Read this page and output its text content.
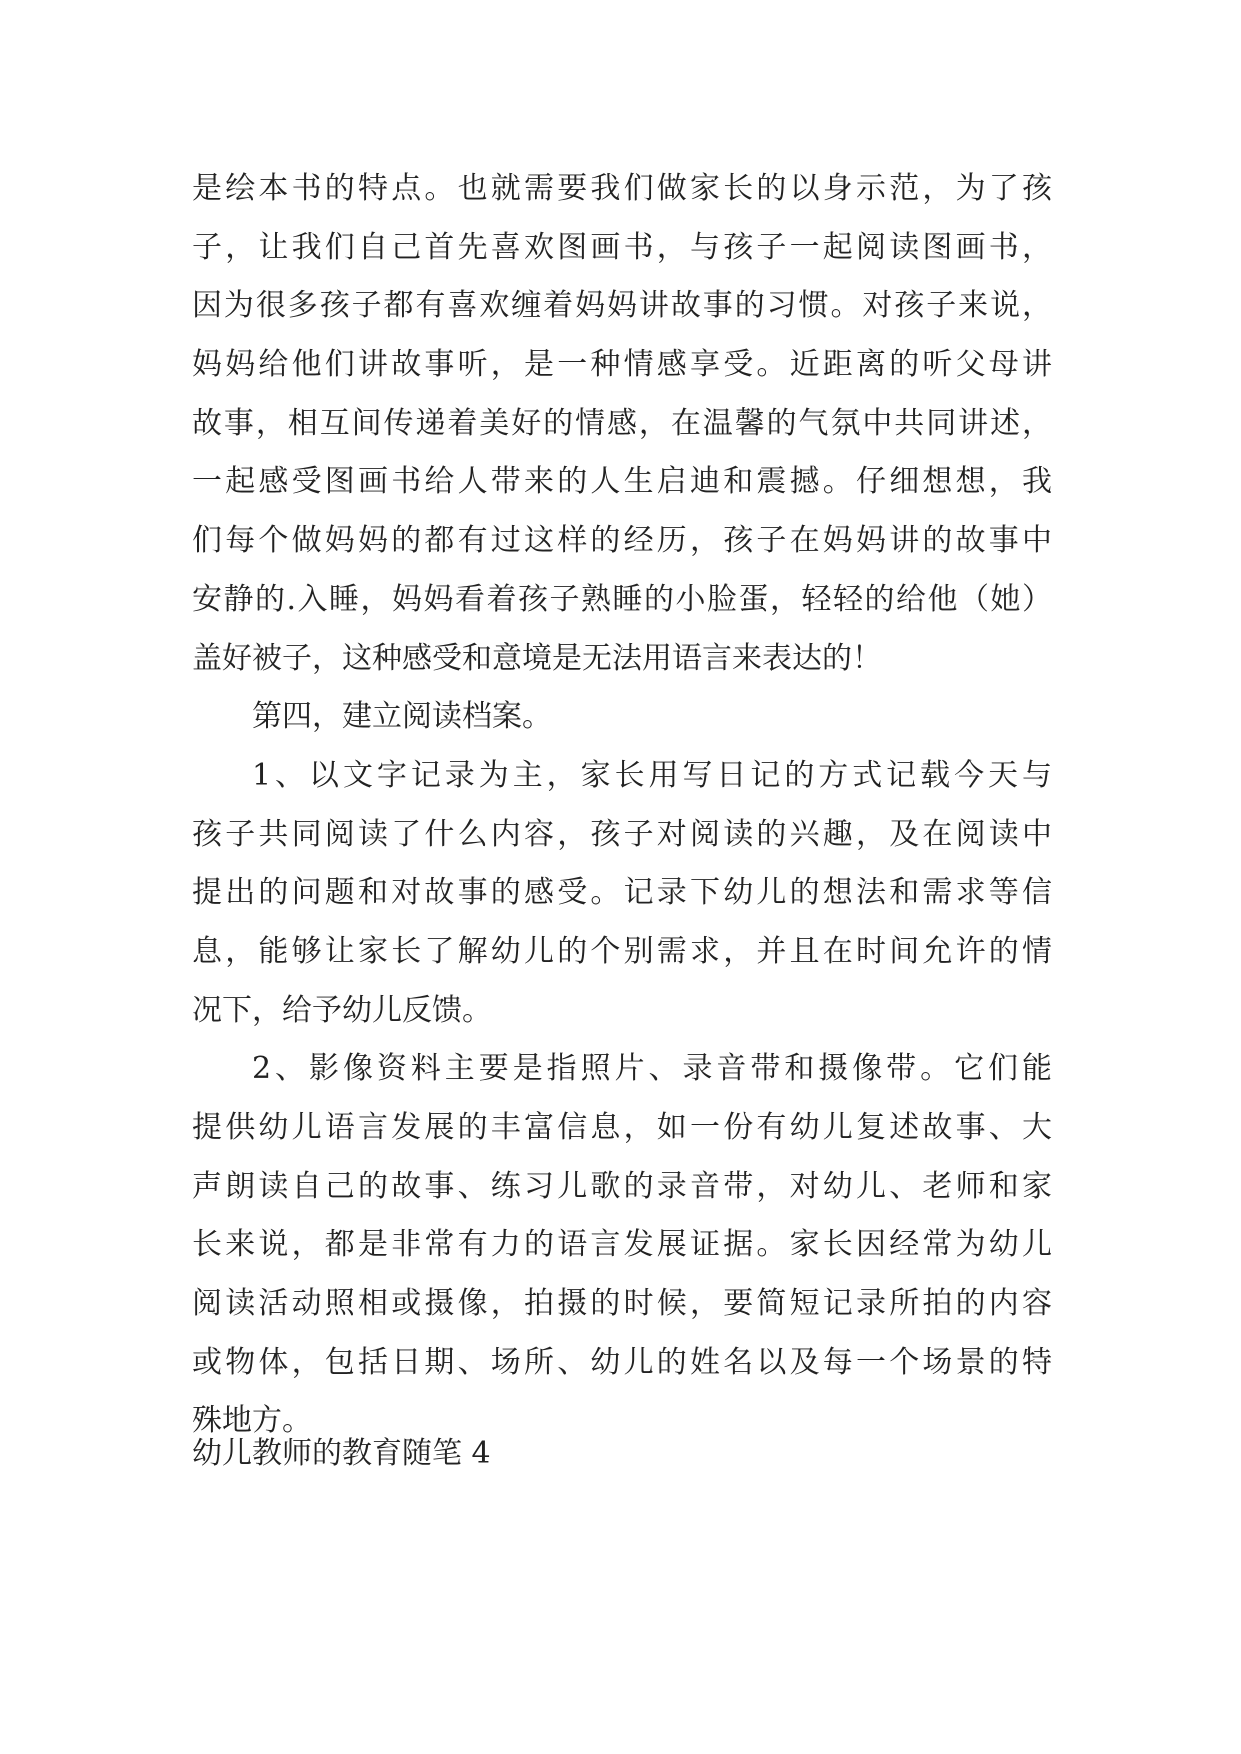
是绘本书的特点。也就需要我们做家长的以身示范，为了孩
子，让我们自己首先喜欢图画书，与孩子一起阅读图画书，
因为很多孩子都有喜欢缠着妈妈讲故事的习惯。对孩子来说，
妈妈给他们讲故事听，是一种情感享受。近距离的听父母讲
故事，相互间传递着美好的情感，在温馨的气氛中共同讲述，
一起感受图画书给人带来的人生启迪和震撼。仔细想想，我
们每个做妈妈的都有过这样的经历，孩子在妈妈讲的故事中
安静的.入睡，妈妈看着孩子熟睡的小脸蛋，轻轻的给他（她）
盖好被子，这种感受和意境是无法用语言来表达的！
第四，建立阅读档案。
1、以文字记录为主，家长用写日记的方式记载今天与
孩子共同阅读了什么内容，孩子对阅读的兴趣，及在阅读中
提出的问题和对故事的感受。记录下幼儿的想法和需求等信
息，能够让家长了解幼儿的个别需求，并且在时间允许的情
况下，给予幼儿反馈。
2、影像资料主要是指照片、录音带和摄像带。它们能
提供幼儿语言发展的丰富信息，如一份有幼儿复述故事、大
声朗读自己的故事、练习儿歌的录音带，对幼儿、老师和家
长来说，都是非常有力的语言发展证据。家长因经常为幼儿
阅读活动照相或摄像，拍摄的时候，要简短记录所拍的内容
或物体，包括日期、场所、幼儿的姓名以及每一个场景的特
殊地方。
幼儿教师的教育随笔 4
